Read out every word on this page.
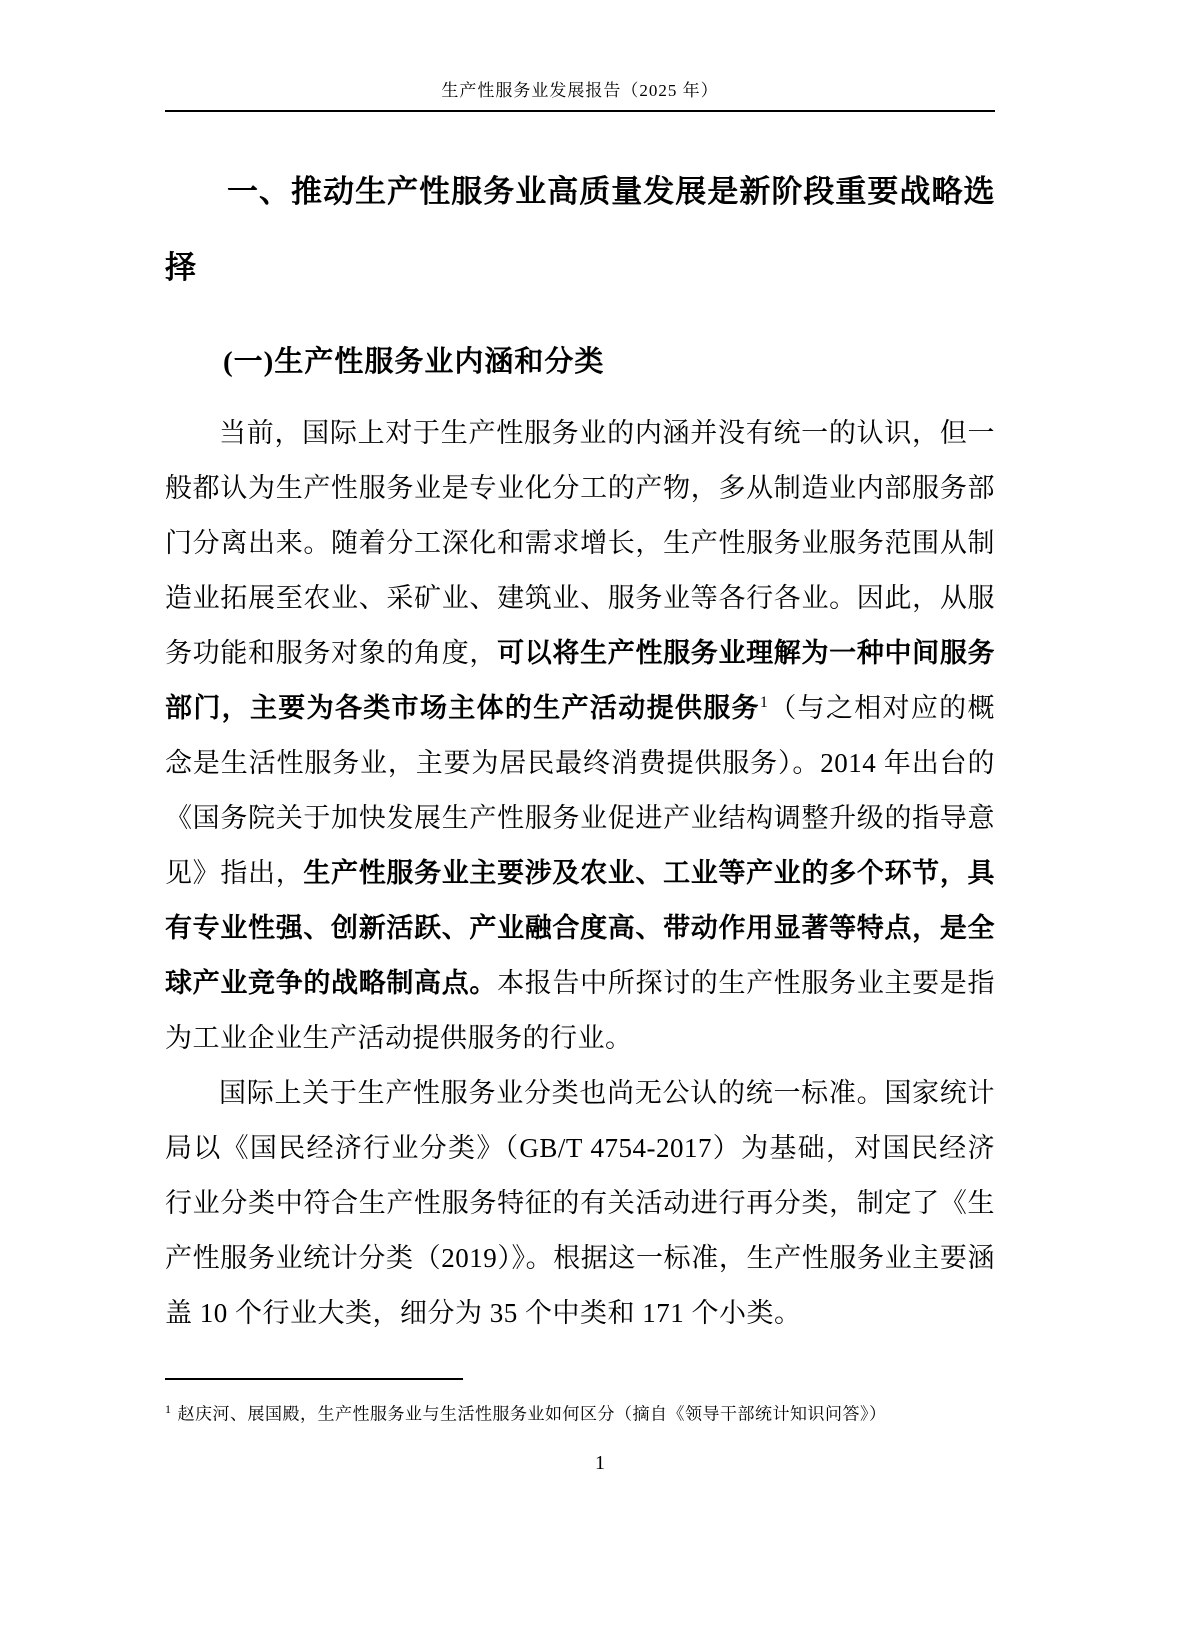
生产性服务业发展报告（2025 年）
一、推动生产性服务业高质量发展是新阶段重要战略选择
(一)生产性服务业内涵和分类

当前，国际上对于生产性服务业的内涵并没有统一的认识，但一般都认为生产性服务业是专业化分工的产物，多从制造业内部服务部门分离出来。随着分工深化和需求增长，生产性服务业服务范围从制造业拓展至农业、采矿业、建筑业、服务业等各行各业。因此，从服务功能和服务对象的角度，可以将生产性服务业理解为一种中间服务部门，主要为各类市场主体的生产活动提供服务$^1$（与之相对应的概念是生活性服务业，主要为居民最终消费提供服务）。2014 年出台的《国务院关于加快发展生产性服务业促进产业结构调整升级的指导意见》指出，生产性服务业主要涉及农业、工业等产业的多个环节，具有专业性强、创新活跃、产业融合度高、带动作用显著等特点，是全球产业竞争的战略制高点。本报告中所探讨的生产性服务业主要是指为工业企业生产活动提供服务的行业。

国际上关于生产性服务业分类也尚无公认的统一标准。国家统计局以《国民经济行业分类》（GB/T 4754-2017）为基础，对国民经济行业分类中符合生产性服务特征的有关活动进行再分类，制定了《生产性服务业统计分类（2019）》。根据这一标准，生产性服务业主要涵盖 10 个行业大类，细分为 35 个中类和 171 个小类。

$^1$ 赵庆河、展国殿，生产性服务业与生活性服务业如何区分（摘自《领导干部统计知识问答》）
1
